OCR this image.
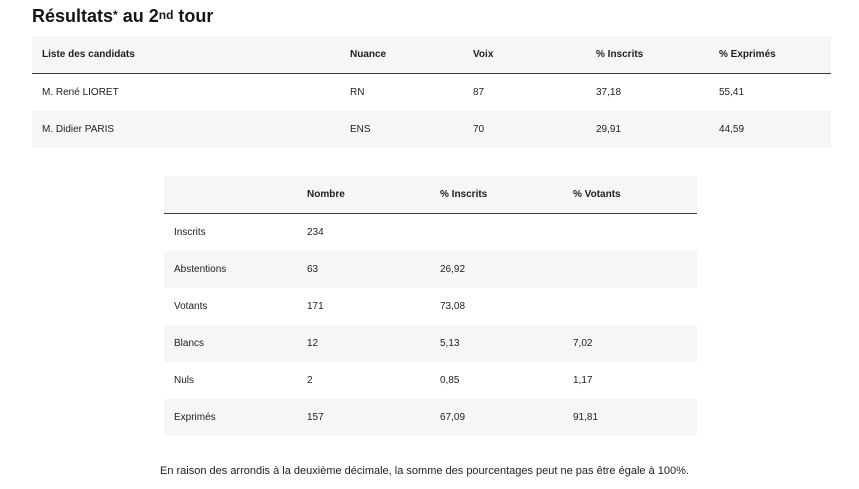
Résultats* au 2nd tour
Liste des candidats	Nuance	Voix	% Inscrits	% Exprimés
M. René LIORET	RN	87	37,18	55,41
M. Didier PARIS	ENS	70	29,91	44,59
	Nombre	% Inscrits	% Votants
Inscrits	234		
Abstentions	63	26,92	
Votants	171	73,08	
Blancs	12	5,13	7,02
Nuls	2	0,85	1,17
Exprimés	157	67,09	91,81
En raison des arrondis à la deuxième décimale, la somme des pourcentages peut ne pas être égale à 100%.
